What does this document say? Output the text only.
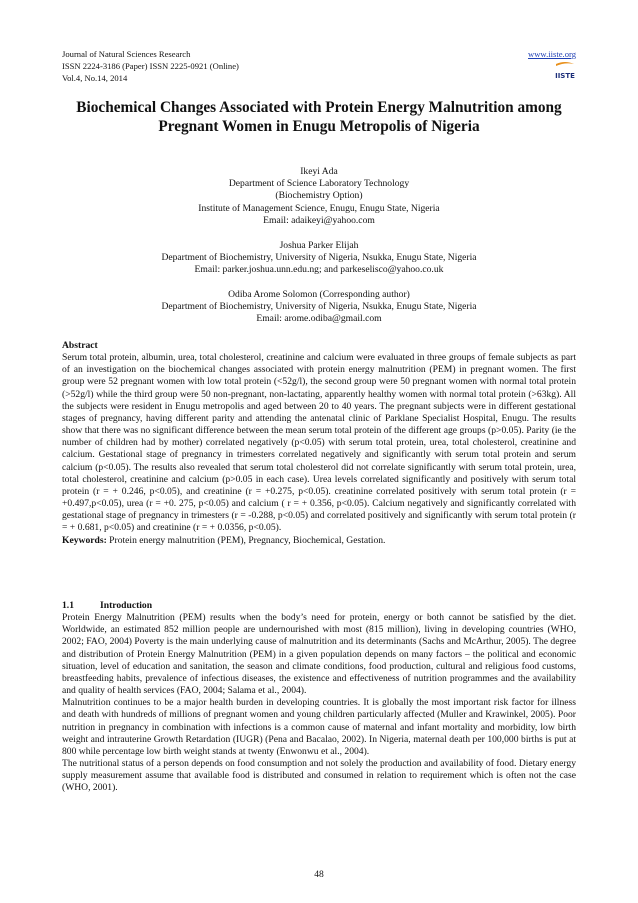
Journal of Natural Sciences Research
ISSN 2224-3186 (Paper) ISSN 2225-0921 (Online)
Vol.4, No.14, 2014
www.iiste.org
IISTE
Biochemical Changes Associated with Protein Energy Malnutrition among Pregnant Women in Enugu Metropolis of Nigeria
Ikeyi Ada
Department of Science Laboratory Technology
(Biochemistry Option)
Institute of Management Science, Enugu, Enugu State, Nigeria
Email: adaikeyi@yahoo.com
Joshua Parker Elijah
Department of Biochemistry, University of Nigeria, Nsukka, Enugu State, Nigeria
Email: parker.joshua.unn.edu.ng; and parkeselisco@yahoo.co.uk
Odiba Arome Solomon (Corresponding author)
Department of Biochemistry, University of Nigeria, Nsukka, Enugu State, Nigeria
Email: arome.odiba@gmail.com

Abstract

Serum total protein, albumin, urea, total cholesterol, creatinine and calcium were evaluated in three groups of female subjects as part of an investigation on the biochemical changes associated with protein energy malnutrition (PEM) in pregnant women. The first group were 52 pregnant women with low total protein (<52g/l), the second group were 50 pregnant women with normal total protein (>52g/l) while the third group were 50 non-pregnant, non-lactating, apparently healthy women with normal total protein (>63kg). All the subjects were resident in Enugu metropolis and aged between 20 to 40 years. The pregnant subjects were in different gestational stages of pregnancy, having different parity and attending the antenatal clinic of Parklane Specialist Hospital, Enugu. The results show that there was no significant difference between the mean serum total protein of the different age groups (p>0.05). Parity (ie the number of children had by mother) correlated negatively (p<0.05) with serum total protein, urea, total cholesterol, creatinine and calcium. Gestational stage of pregnancy in trimesters correlated negatively and significantly with serum total protein and serum calcium (p<0.05). The results also revealed that serum total cholesterol did not correlate significantly with serum total protein, urea, total cholesterol, creatinine and calcium (p>0.05 in each case). Urea levels correlated significantly and positively with serum total protein (r = + 0.246, p<0.05), and creatinine (r = +0.275, p<0.05). creatinine correlated positively with serum total protein (r = +0.497,p<0.05), urea (r = +0. 275, p<0.05) and calcium ( r = + 0.356, p<0.05). Calcium negatively and significantly correlated with gestational stage of pregnancy in trimesters (r = -0.288, p<0.05) and correlated positively and significantly with serum total protein (r = + 0.681, p<0.05) and creatinine (r = + 0.0356, p<0.05).

Keywords: Protein energy malnutrition (PEM), Pregnancy, Biochemical, Gestation.

1.1	Introduction

Protein Energy Malnutrition (PEM) results when the body’s need for protein, energy or both cannot be satisfied by the diet. Worldwide, an estimated 852 million people are undernourished with most (815 million), living in developing countries (WHO, 2002; FAO, 2004) Poverty is the main underlying cause of malnutrition and its determinants (Sachs and McArthur, 2005). The degree and distribution of Protein Energy Malnutrition (PEM) in a given population depends on many factors – the political and economic situation, level of education and sanitation, the season and climate conditions, food production, cultural and religious food customs, breastfeeding habits, prevalence of infectious diseases, the existence and effectiveness of nutrition programmes and the availability and quality of health services (FAO, 2004; Salama et al., 2004).

Malnutrition continues to be a major health burden in developing countries. It is globally the most important risk factor for illness and death with hundreds of millions of pregnant women and young children particularly affected (Muller and Krawinkel, 2005). Poor nutrition in pregnancy in combination with infections is a common cause of maternal and infant mortality and morbidity, low birth weight and intrauterine Growth Retardation (IUGR) (Pena and Bacalao, 2002). In Nigeria, maternal death per 100,000 births is put at 800 while percentage low birth weight stands at twenty (Enwonwu et al., 2004).

The nutritional status of a person depends on food consumption and not solely the production and availability of food. Dietary energy supply measurement assume that available food is distributed and consumed in relation to requirement which is often not the case (WHO, 2001).

48
